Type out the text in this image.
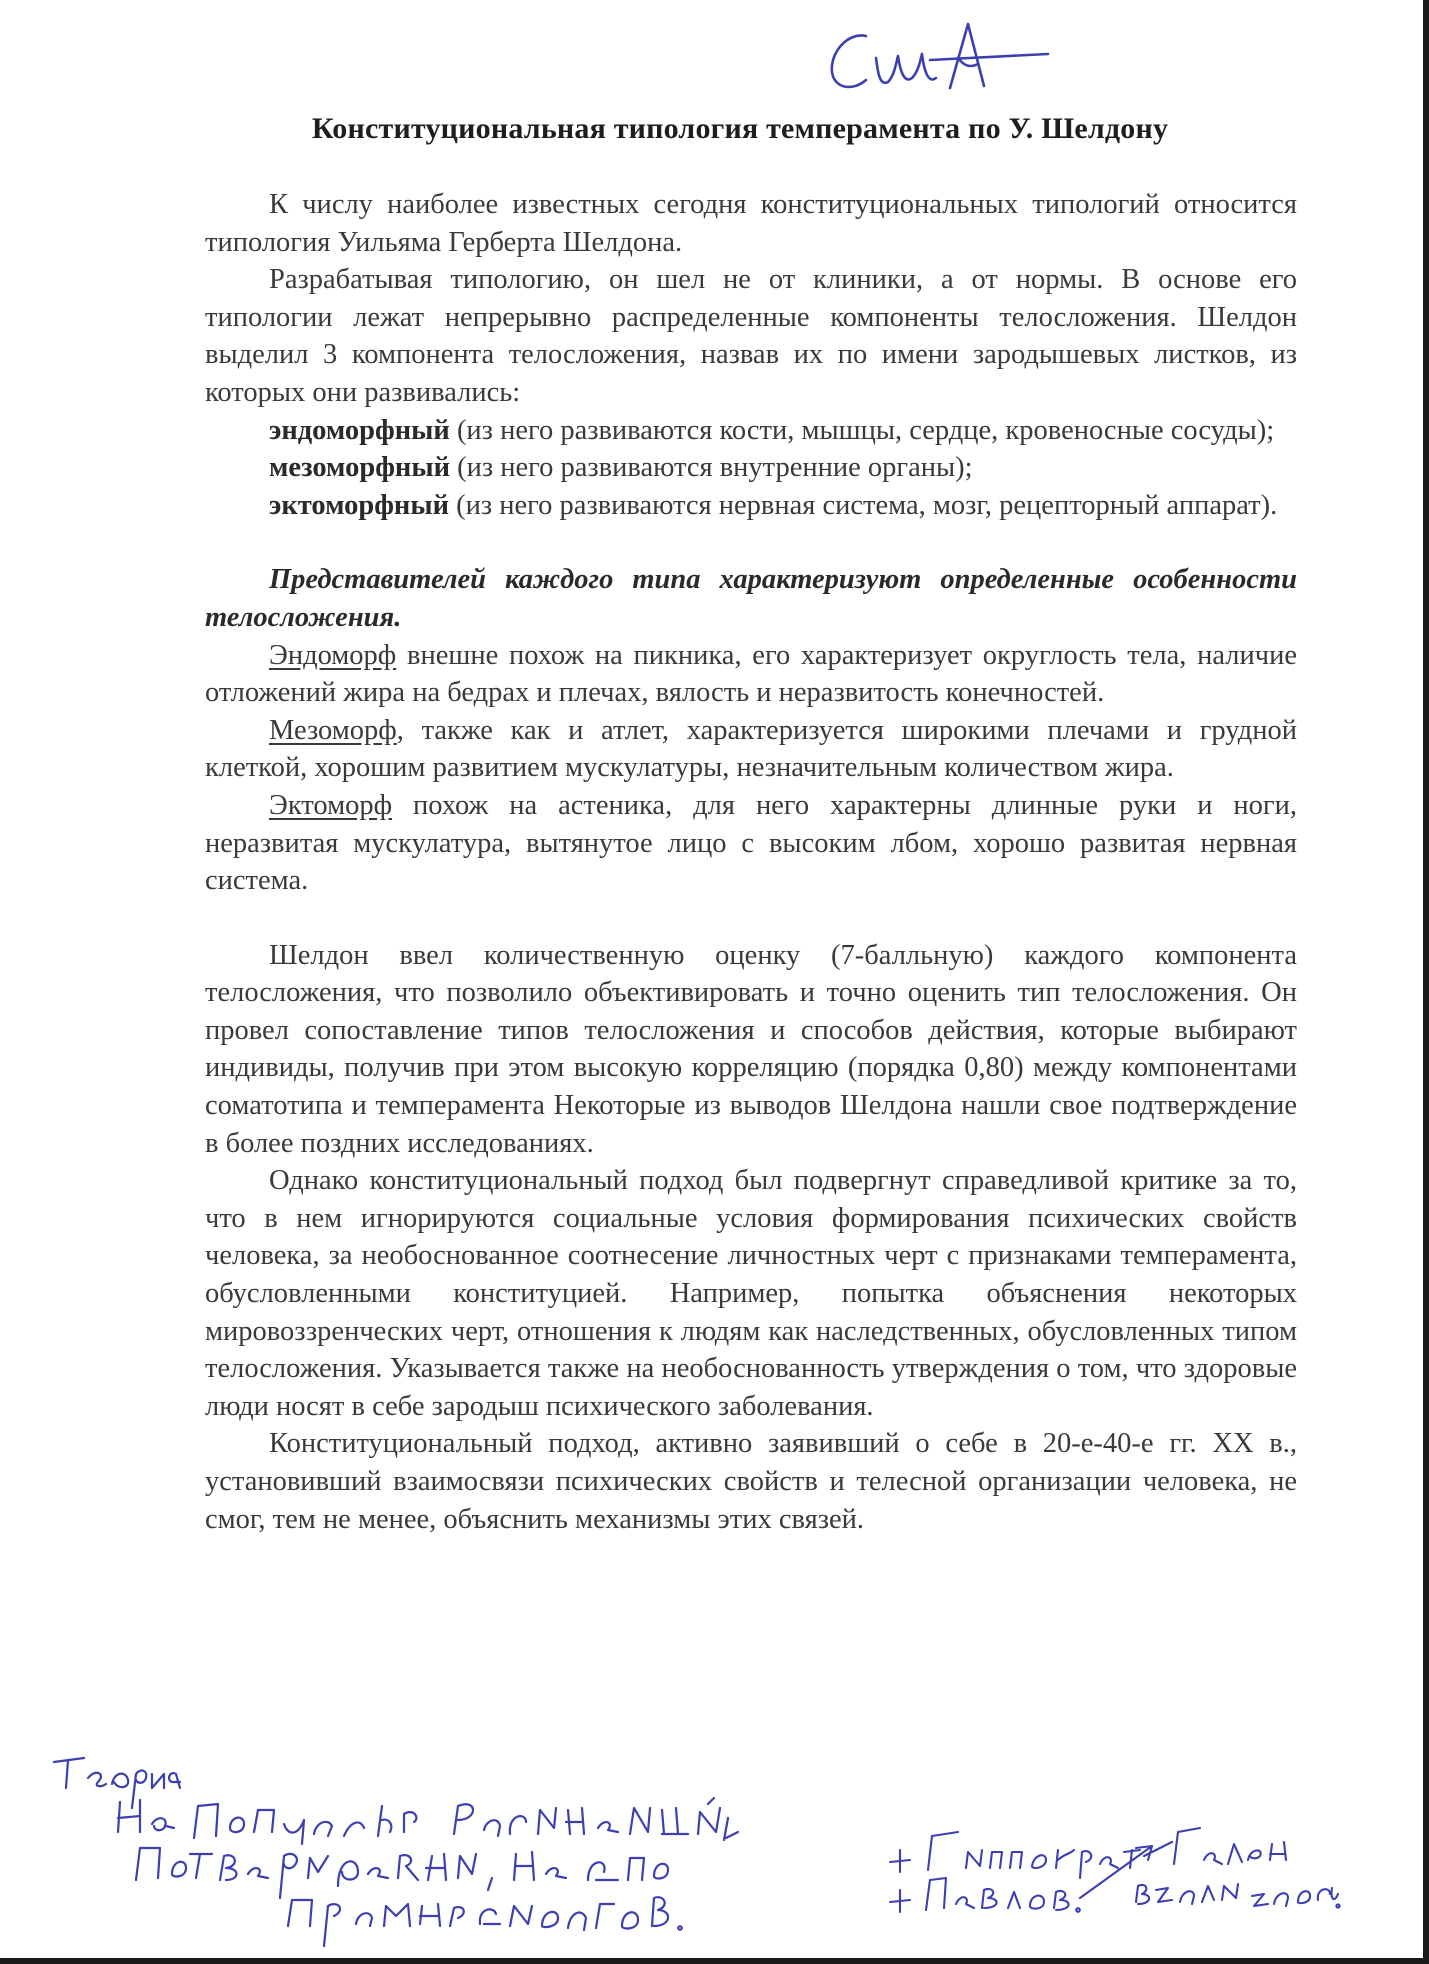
Конституциональная типология темперамента по У. Шелдону

К числу наиболее известных сегодня конституциональных типологий относится типология Уильяма Герберта Шелдона.

Разрабатывая типологию, он шел не от клиники, а от нормы. В основе его типологии лежат непрерывно распределенные компоненты телосложения. Шелдон выделил 3 компонента телосложения, назвав их по имени зародышевых листков, из которых они развивались:

эндоморфный (из него развиваются кости, мышцы, сердце, кровеносные сосуды);

мезоморфный (из него развиваются внутренние органы);

эктоморфный (из него развиваются нервная система, мозг, рецепторный аппарат).

Представителей каждого типа характеризуют определенные особенности телосложения.

Эндоморф внешне похож на пикника, его характеризует округлость тела, наличие отложений жира на бедрах и плечах, вялость и неразвитость конечностей.

Мезоморф, также как и атлет, характеризуется широкими плечами и грудной клеткой, хорошим развитием мускулатуры, незначительным количеством жира.

Эктоморф похож на астеника, для него характерны длинные руки и ноги, неразвитая мускулатура, вытянутое лицо с высоким лбом, хорошо развитая нервная система.

Шелдон ввел количественную оценку (7-балльную) каждого компонента телосложения, что позволило объективировать и точно оценить тип телосложения. Он провел сопоставление типов телосложения и способов действия, которые выбирают индивиды, получив при этом высокую корреляцию (порядка 0,80) между компонентами соматотипа и темперамента Некоторые из выводов Шелдона нашли свое подтверждение в более поздних исследованиях.

Однако конституциональный подход был подвергнут справедливой критике за то, что в нем игнорируются социальные условия формирования психических свойств человека, за необоснованное соотнесение личностных черт с признаками темперамента, обусловленными конституцией. Например, попытка объяснения некоторых мировоззренческих черт, отношения к людям как наследственных, обусловленных типом телосложения. Указывается также на необоснованность утверждения о том, что здоровые люди носят в себе зародыш психического заболевания.

Конституциональный подход, активно заявивший о себе в 20-е-40-е гг. XX в., установивший взаимосвязи психических свойств и телесной организации человека, не смог, тем не менее, объяснить механизмы этих связей.
